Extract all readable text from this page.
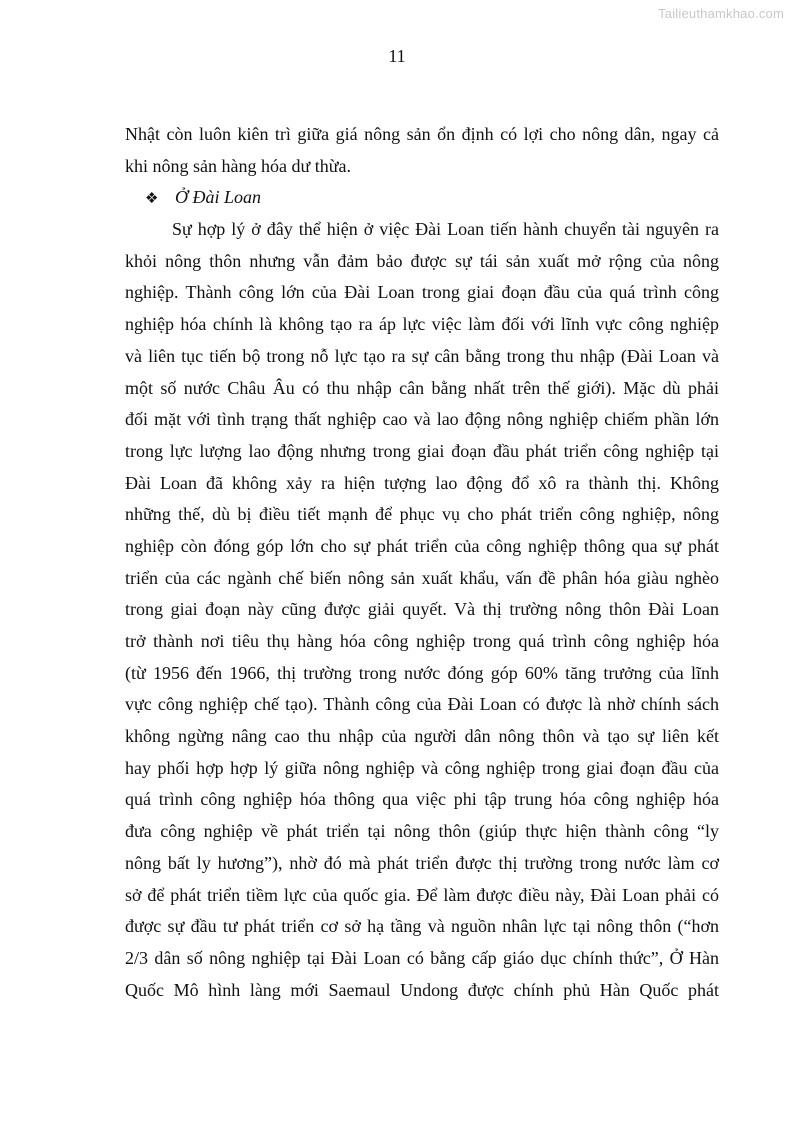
Tailieuthamkhao.com
11
Nhật còn luôn kiên trì giữa giá nông sản ổn định có lợi cho nông dân, ngay cả
khi nông sản hàng hóa dư thừa.
❖ Ở Đài Loan
Sự hợp lý ở đây thể hiện ở việc Đài Loan tiến hành chuyển tài nguyên ra
khỏi nông thôn nhưng vẫn đảm bảo được sự tái sản xuất mở rộng của nông
nghiệp. Thành công lớn của Đài Loan trong giai đoạn đầu của quá trình công
nghiệp hóa chính là không tạo ra áp lực việc làm đối với lĩnh vực công nghiệp
và liên tục tiến bộ trong nỗ lực tạo ra sự cân bằng trong thu nhập (Đài Loan và
một số nước Châu Âu có thu nhập cân bằng nhất trên thế giới). Mặc dù phải
đối mặt với tình trạng thất nghiệp cao và lao động nông nghiệp chiếm phần lớn
trong lực lượng lao động nhưng trong giai đoạn đầu phát triển công nghiệp tại
Đài Loan đã không xảy ra hiện tượng lao động đổ xô ra thành thị. Không
những thế, dù bị điều tiết mạnh để phục vụ cho phát triển công nghiệp, nông
nghiệp còn đóng góp lớn cho sự phát triển của công nghiệp thông qua sự phát
triển của các ngành chế biến nông sản xuất khẩu, vấn đề phân hóa giàu nghèo
trong giai đoạn này cũng được giải quyết. Và thị trường nông thôn Đài Loan
trở thành nơi tiêu thụ hàng hóa công nghiệp trong quá trình công nghiệp hóa
(từ 1956 đến 1966, thị trường trong nước đóng góp 60% tăng trưởng của lĩnh
vực công nghiệp chế tạo). Thành công của Đài Loan có được là nhờ chính sách
không ngừng nâng cao thu nhập của người dân nông thôn và tạo sự liên kết
hay phối hợp hợp lý giữa nông nghiệp và công nghiệp trong giai đoạn đầu của
quá trình công nghiệp hóa thông qua việc phi tập trung hóa công nghiệp hóa
đưa công nghiệp về phát triển tại nông thôn (giúp thực hiện thành công “ly
nông bất ly hương”), nhờ đó mà phát triển được thị trường trong nước làm cơ
sở để phát triển tiềm lực của quốc gia. Để làm được điều này, Đài Loan phải có
được sự đầu tư phát triển cơ sở hạ tầng và nguồn nhân lực tại nông thôn (“hơn
2/3 dân số nông nghiệp tại Đài Loan có bằng cấp giáo dục chính thức”, Ở Hàn
Quốc Mô hình làng mới Saemaul Undong được chính phủ Hàn Quốc phát
